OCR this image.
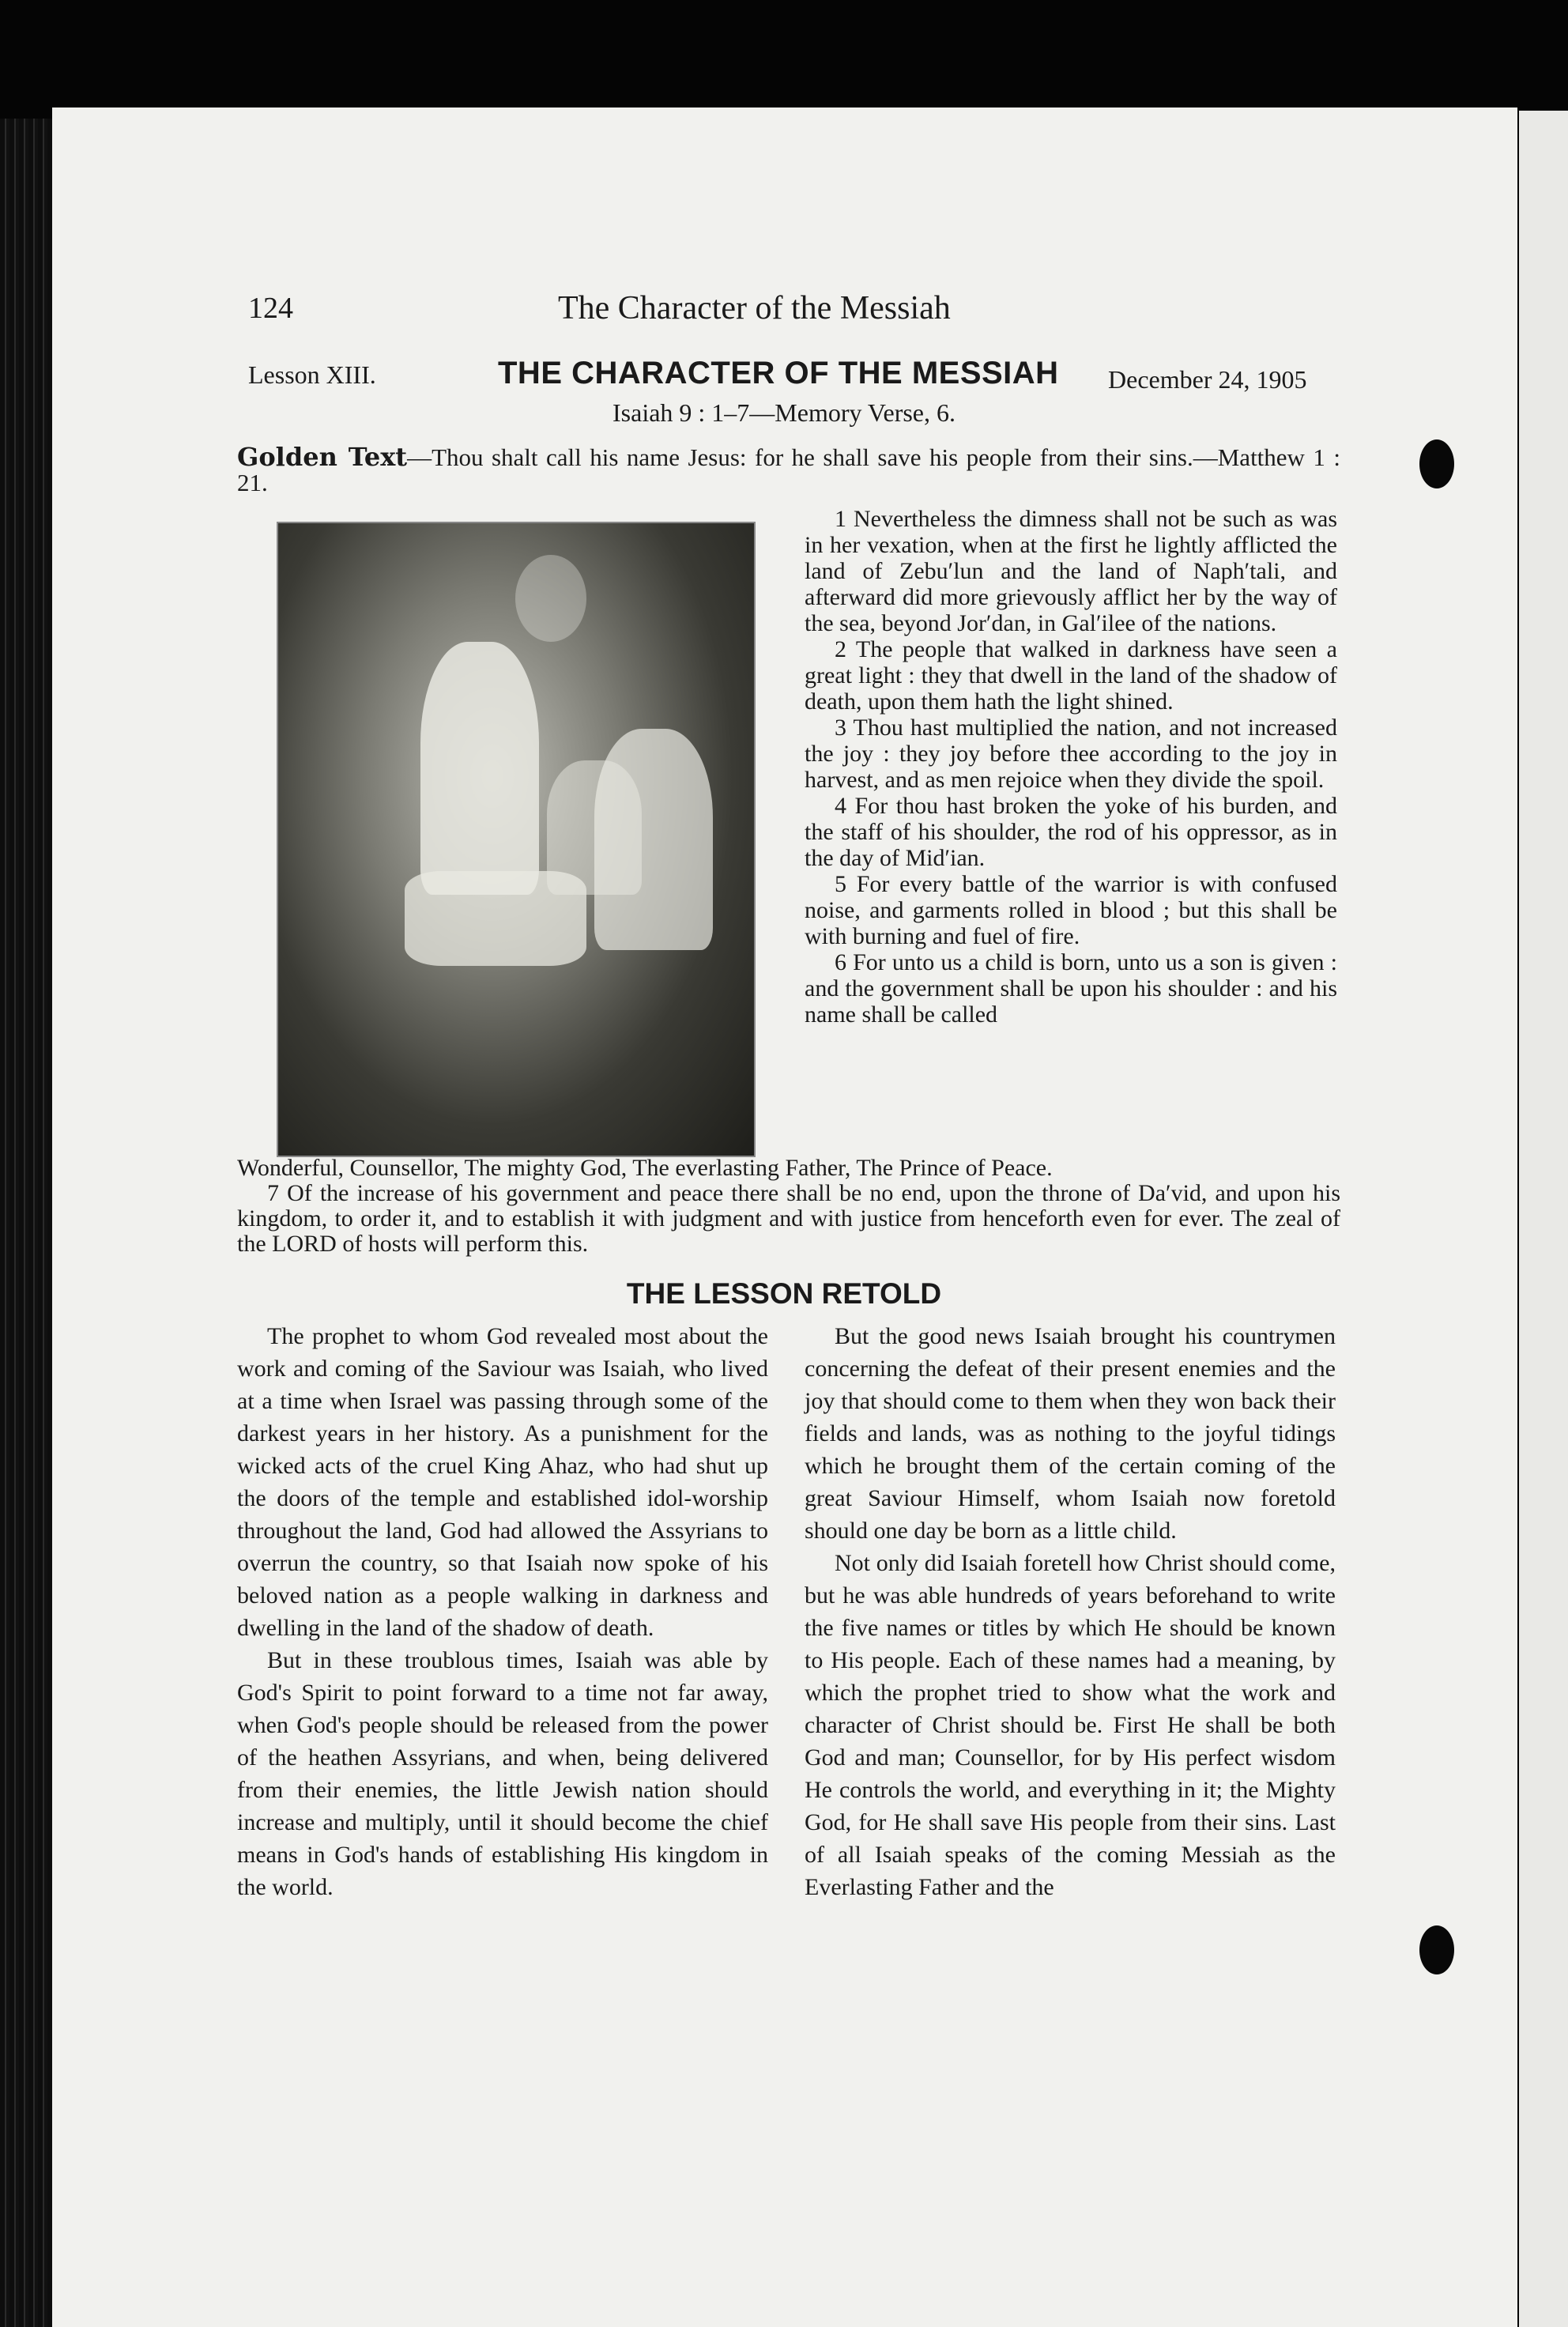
124	The Character of the Messiah
Lesson XIII.	THE CHARACTER OF THE MESSIAH December 24, 1905
Isaiah 9 : 1–7—Memory Verse, 6.
Golden Text—Thou shalt call his name Jesus: for he shall save his people from their sins.—Matthew 1 : 21.

1 Nevertheless the dimness shall not be such as was in her vexation, when at the first he lightly afflicted the land of Zebu′lun and the land of Naph′tali, and afterward did more grievously afflict her by the way of the sea, beyond Jor′dan, in Gal′ilee of the nations.

2 The people that walked in darkness have seen a great light : they that dwell in the land of the shadow of death, upon them hath the light shined.

3 Thou hast multiplied the nation, and not increased the joy : they joy before thee according to the joy in harvest, and as men rejoice when they divide the spoil.

4 For thou hast broken the yoke of his burden, and the staff of his shoulder, the rod of his oppressor, as in the day of Mid′ian.

5 For every battle of the warrior is with confused noise, and garments rolled in blood ; but this shall be with burning and fuel of fire.

6 For unto us a child is born, unto us a son is given : and the government shall be upon his shoulder : and his name shall be called

Wonderful, Counsellor, The mighty God, The everlasting Father, The Prince of Peace.

7 Of the increase of his government and peace there shall be no end, upon the throne of Da′vid, and upon his kingdom, to order it, and to establish it with judgment and with justice from henceforth even for ever. The zeal of the LORD of hosts will perform this.

THE LESSON RETOLD

The prophet to whom God revealed most about the work and coming of the Saviour was Isaiah, who lived at a time when Israel was passing through some of the darkest years in her history. As a punishment for the wicked acts of the cruel King Ahaz, who had shut up the doors of the temple and established idol-worship throughout the land, God had allowed the Assyrians to overrun the country, so that Isaiah now spoke of his beloved nation as a people walking in darkness and dwelling in the land of the shadow of death.

But in these troublous times, Isaiah was able by God's Spirit to point forward to a time not far away, when God's people should be released from the power of the heathen Assyrians, and when, being delivered from their enemies, the little Jewish nation should increase and multiply, until it should become the chief means in God's hands of establishing His kingdom in the world.

But the good news Isaiah brought his countrymen concerning the defeat of their present enemies and the joy that should come to them when they won back their fields and lands, was as nothing to the joyful tidings which he brought them of the certain coming of the great Saviour Himself, whom Isaiah now foretold should one day be born as a little child.

Not only did Isaiah foretell how Christ should come, but he was able hundreds of years beforehand to write the five names or titles by which He should be known to His people. Each of these names had a meaning, by which the prophet tried to show what the work and character of Christ should be. First He shall be both God and man; Counsellor, for by His perfect wisdom He controls the world, and everything in it; the Mighty God, for He shall save His people from their sins. Last of all Isaiah speaks of the coming Messiah as the Everlasting Father and the
